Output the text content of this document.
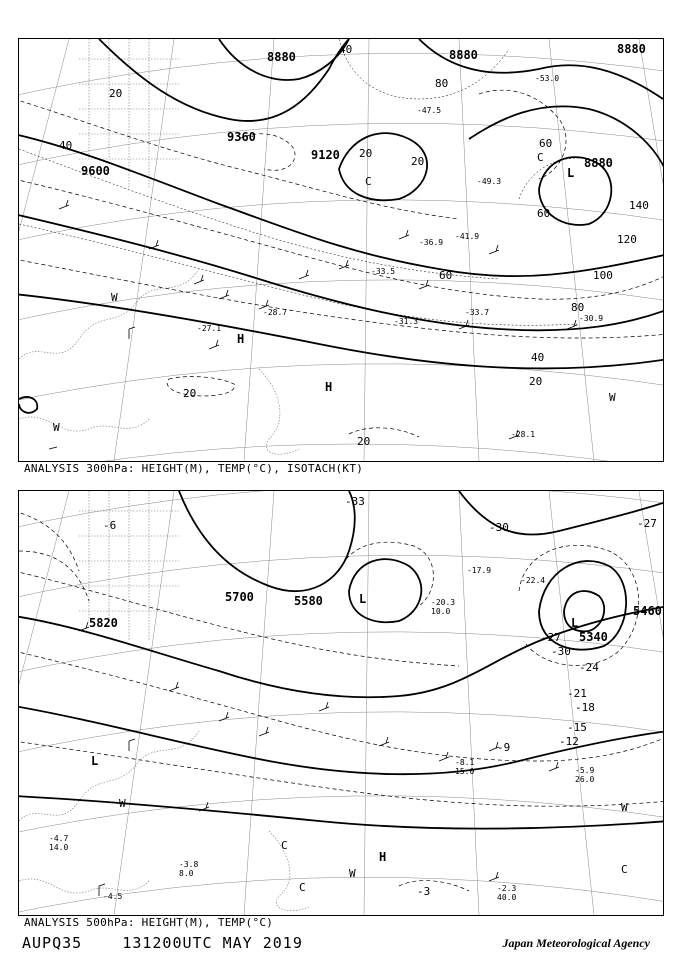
8880	8880	8880
8880
9360
9120
9600
20
40
60
80
100
120
140
40
20
20
20
20
40
60
80
20
60
H
H
L
C
C
W
W
W
-31.3
-28.1
-36.9
-33.5
-27.1
-28.7
-47.5
-49.3
-53.0
-41.9
-30.9
-33.7
ANALYSIS 300hPa: HEIGHT(M), TEMP(°C), ISOTACH(KT)
5820
5700	5580
5460
5340
-33
-30	-27
-24
-21
-18
-15
-12
-9
-6
-3
-27
-30
L
L
L
H
W	W
W	C
C
C
-20.3
10.0
-17.9
-22.4
-2.3
40.0
-5.9
26.0
-8.1
15.0
-3.8
8.0
-4.5
-4.7
14.0
ANALYSIS 500hPa: HEIGHT(M), TEMP(°C)
AUPQ35	131200UTC MAY 2019	Japan Meteorological Agency
